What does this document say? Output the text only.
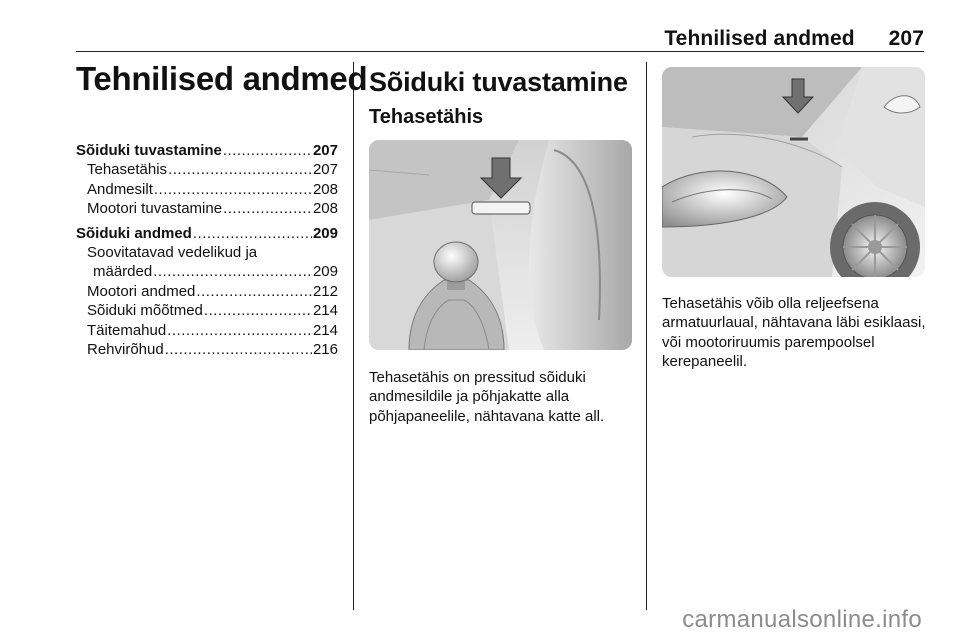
Tehnilised andmed 207
Tehnilised andmed
Sõiduki tuvastamine .....	207
Tehasetähis .....	207
Andmesilt .....	208
Mootori tuvastamine .....	208
Sõiduki andmed .....	209
Soovitatavad vedelikud ja
määrded .....	209
Mootori andmed .....	212
Sõiduki mõõtmed .....	214
Täitemahud .....	214
Rehvirõhud .....	216
Sõiduki tuvastamine
Tehasetähis

Tehasetähis on pressitud sõiduki andmesildile ja põhjakatte alla põhjapaneelile, nähtavana katte all.

Tehasetähis võib olla reljeefsena armatuurlaual, nähtavana läbi esiklaasi, või mootoriruumis parempoolsel kerepaneelil.

carmanualsonline.info
